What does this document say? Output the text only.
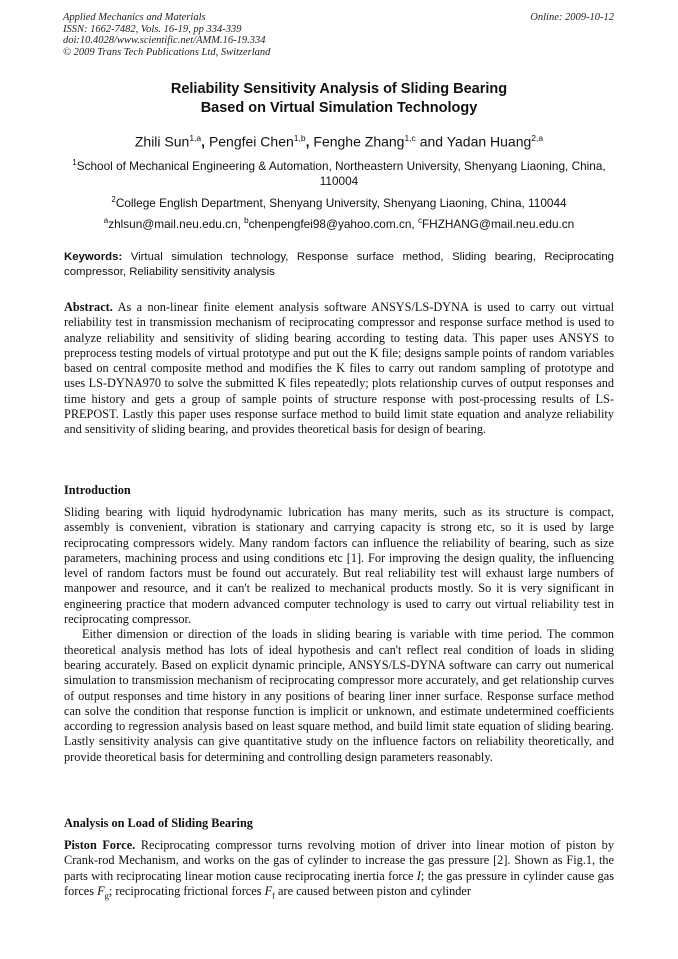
Applied Mechanics and Materials
ISSN: 1662-7482, Vols. 16-19, pp 334-339
doi:10.4028/www.scientific.net/AMM.16-19.334
© 2009 Trans Tech Publications Ltd, Switzerland
Online: 2009-10-12
Reliability Sensitivity Analysis of Sliding Bearing
Based on Virtual Simulation Technology
Zhili Sun$^{1,a}$, Pengfei Chen$^{1,b}$, Fenghe Zhang$^{1,c}$ and Yadan Huang$^{2,a}$
$^1$School of Mechanical Engineering & Automation, Northeastern University, Shenyang Liaoning, China, 110004
$^2$College English Department, Shenyang University, Shenyang Liaoning, China, 110044
$^a$zhlsun@mail.neu.edu.cn, $^b$chenpengfei98@yahoo.com.cn, $^c$FHZHANG@mail.neu.edu.cn
Keywords: Virtual simulation technology, Response surface method, Sliding bearing, Reciprocating compressor, Reliability sensitivity analysis
Abstract. As a non-linear finite element analysis software ANSYS/LS-DYNA is used to carry out virtual reliability test in transmission mechanism of reciprocating compressor and response surface method is used to analyze reliability and sensitivity of sliding bearing according to testing data. This paper uses ANSYS to preprocess testing models of virtual prototype and put out the K file; designs sample points of random variables based on central composite method and modifies the K files to carry out random sampling of prototype and uses LS-DYNA970 to solve the submitted K files repeatedly; plots relationship curves of output responses and time history and gets a group of sample points of structure response with post-processing results of LS-PREPOST. Lastly this paper uses response surface method to build limit state equation and analyze reliability and sensitivity of sliding bearing, and provides theoretical basis for design of bearing.
Introduction

Sliding bearing with liquid hydrodynamic lubrication has many merits, such as its structure is compact, assembly is convenient, vibration is stationary and carrying capacity is strong etc, so it is used by large reciprocating compressors widely. Many random factors can influence the reliability of bearing, such as size parameters, machining process and using conditions etc [1]. For improving the design quality, the influencing level of random factors must be found out accurately. But real reliability test will exhaust large numbers of manpower and resource, and it can't be realized to mechanical products mostly. So it is very significant in engineering practice that modern advanced computer technology is used to carry out virtual reliability test in reciprocating compressor.

Either dimension or direction of the loads in sliding bearing is variable with time period. The common theoretical analysis method has lots of ideal hypothesis and can't reflect real condition of loads in sliding bearing accurately. Based on explicit dynamic principle, ANSYS/LS-DYNA software can carry out numerical simulation to transmission mechanism of reciprocating compressor more accurately, and get relationship curves of output responses and time history in any positions of bearing liner inner surface. Response surface method can solve the condition that response function is implicit or unknown, and estimate undetermined coefficients according to regression analysis based on least square method, and build limit state equation of sliding bearing. Lastly sensitivity analysis can give quantitative study on the influence factors on reliability theoretically, and provide theoretical basis for determining and controlling design parameters reasonably.

Analysis on Load of Sliding Bearing
Piston Force. Reciprocating compressor turns revolving motion of driver into linear motion of piston by Crank-rod Mechanism, and works on the gas of cylinder to increase the gas pressure [2]. Shown as Fig.1, the parts with reciprocating linear motion cause reciprocating inertia force I; the gas pressure in cylinder cause gas forces $F_g$; reciprocating frictional forces $F_f$ are caused between piston and cylinder
